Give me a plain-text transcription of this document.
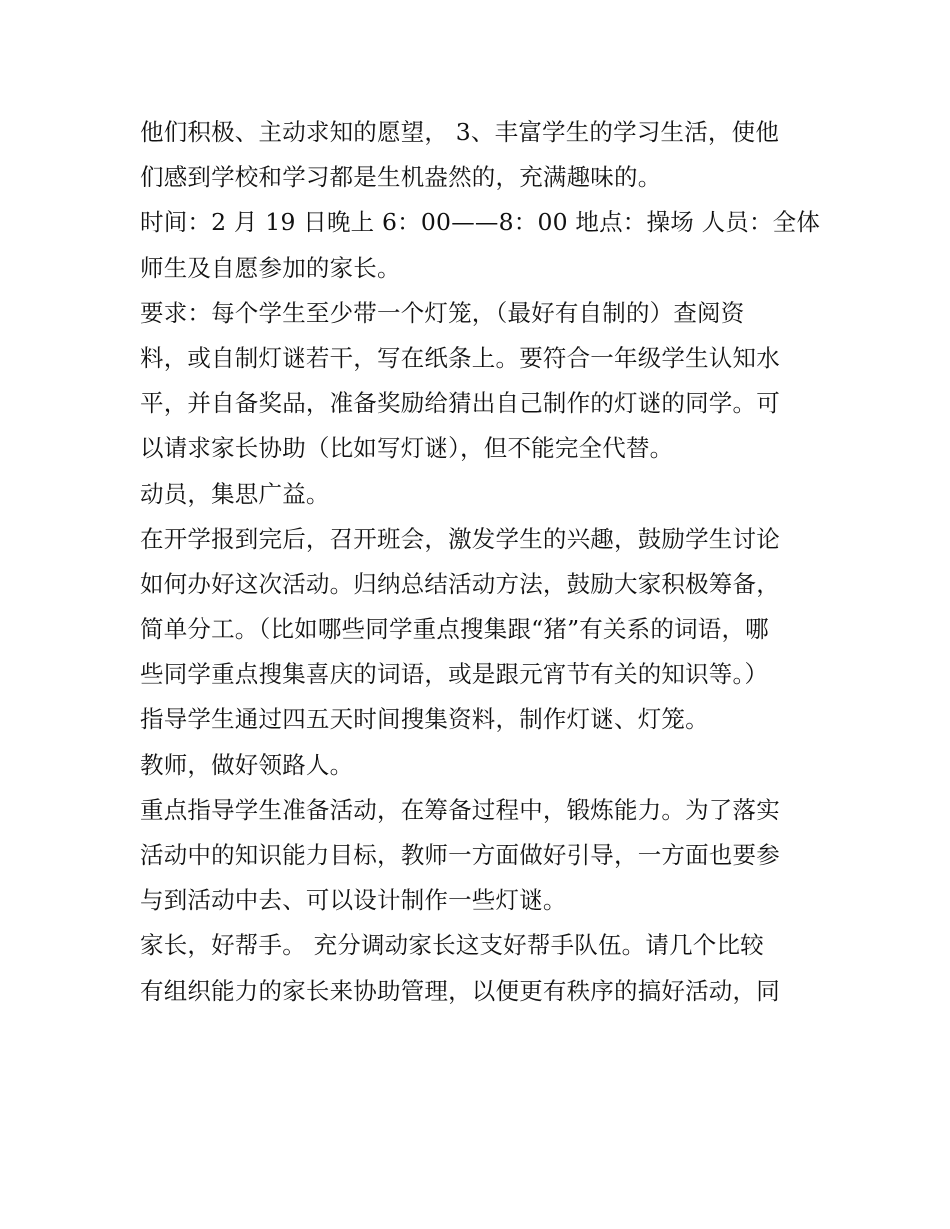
他们积极、主动求知的愿望， 3、丰富学生的学习生活，使他
们感到学校和学习都是生机盎然的，充满趣味的。
时间：2 月 19 日晚上 6：00——8：00 地点：操场 人员：全体
师生及自愿参加的家长。
要求：每个学生至少带一个灯笼，（最好有自制的）查阅资
料，或自制灯谜若干，写在纸条上。要符合一年级学生认知水
平，并自备奖品，准备奖励给猜出自己制作的灯谜的同学。可
以请求家长协助（比如写灯谜），但不能完全代替。
动员，集思广益。
在开学报到完后，召开班会，激发学生的兴趣，鼓励学生讨论
如何办好这次活动。归纳总结活动方法，鼓励大家积极筹备，
简单分工。（比如哪些同学重点搜集跟“猪”有关系的词语，哪
些同学重点搜集喜庆的词语，或是跟元宵节有关的知识等。）
指导学生通过四五天时间搜集资料，制作灯谜、灯笼。
教师，做好领路人。
重点指导学生准备活动，在筹备过程中，锻炼能力。为了落实
活动中的知识能力目标，教师一方面做好引导，一方面也要参
与到活动中去、可以设计制作一些灯谜。
家长，好帮手。 充分调动家长这支好帮手队伍。请几个比较
有组织能力的家长来协助管理，以便更有秩序的搞好活动，同
